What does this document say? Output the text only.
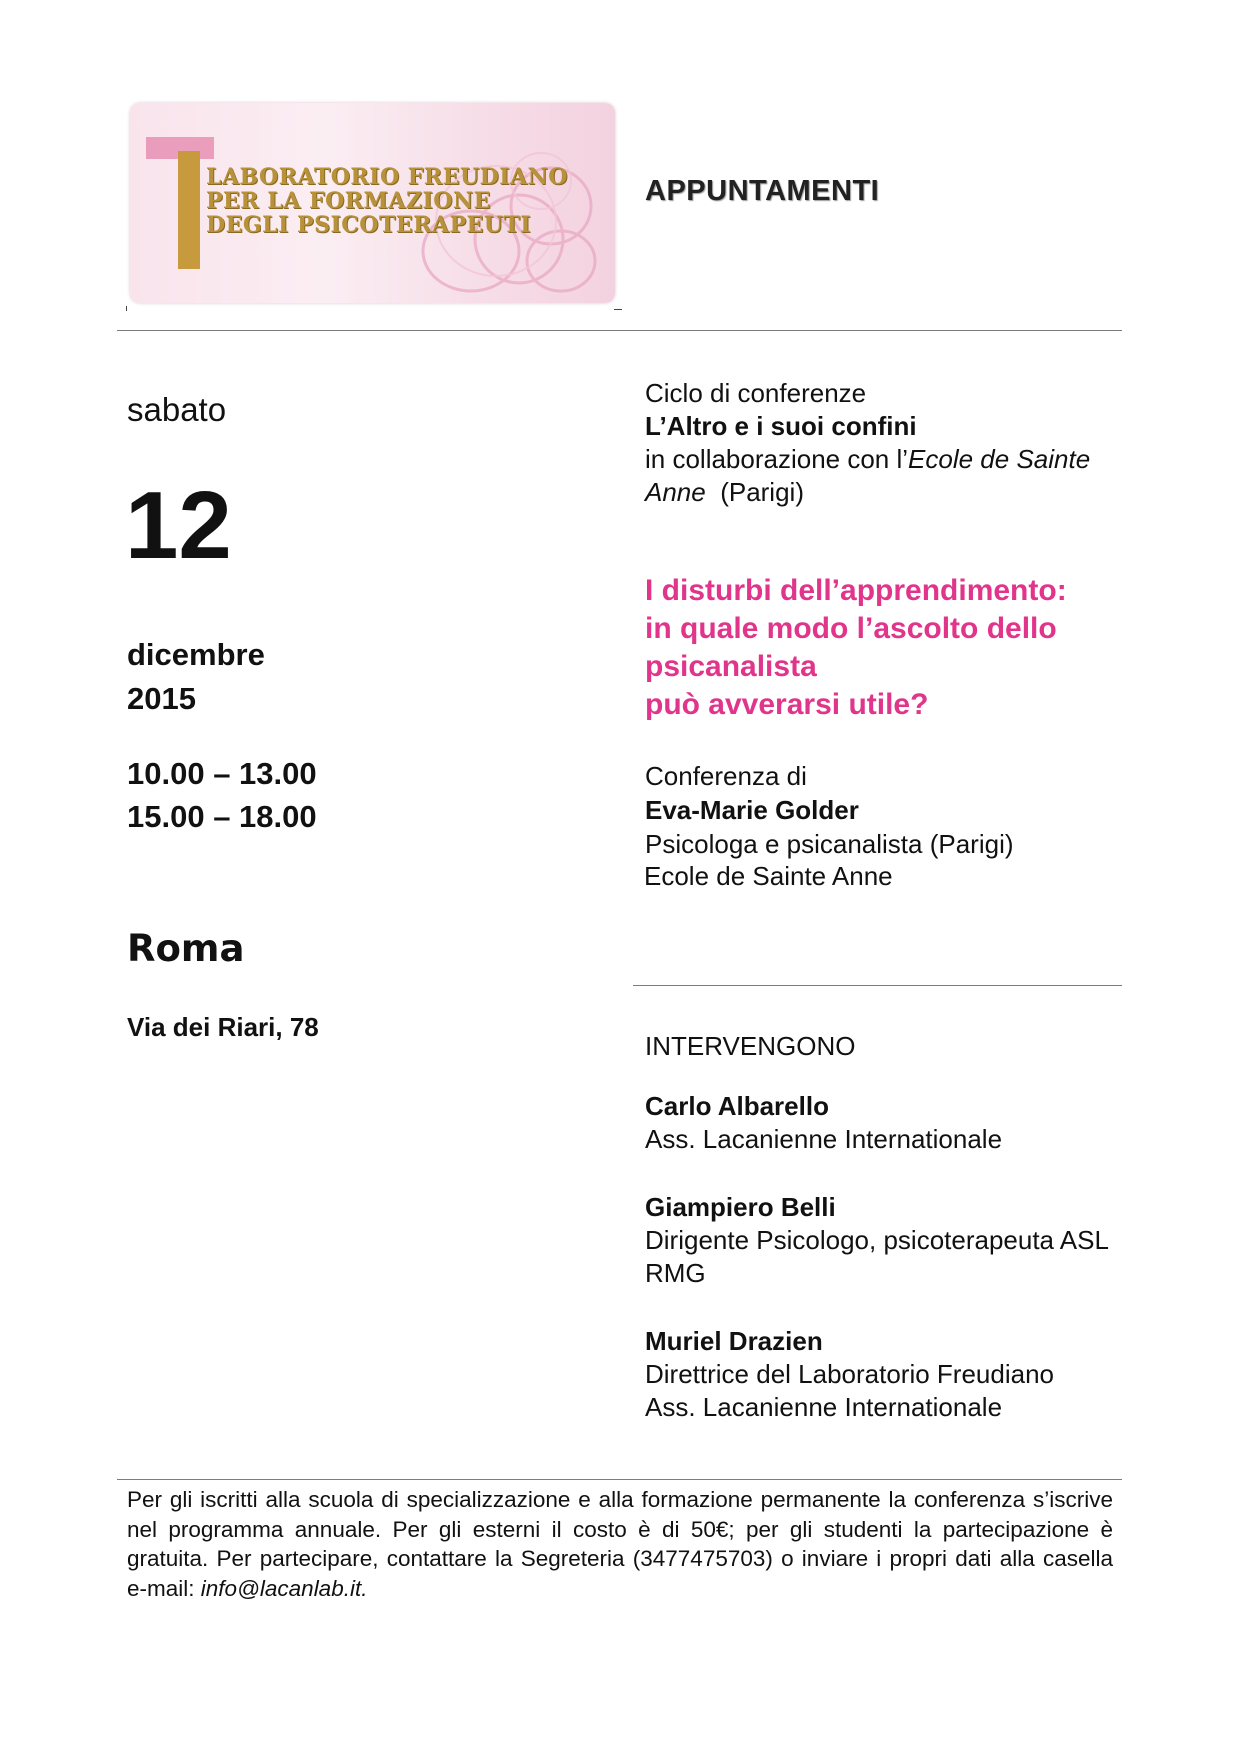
LABORATORIO FREUDIANO
PER LA FORMAZIONE
DEGLI PSICOTERAPEUTI

APPUNTAMENTI

sabato

12

dicembre

2015

10.00 – 13.00

15.00 – 18.00

Roma

Via dei Riari, 78

Ciclo di conferenze

L’Altro e i suoi confini

in collaborazione con l’Ecole de Sainte

Anne (Parigi)

I disturbi dell’apprendimento:
in quale modo l’ascolto dello
psicanalista
può avverarsi utile?

Conferenza di

Eva-Marie Golder

Psicologa e psicanalista (Parigi)

Ecole de Sainte Anne

INTERVENGONO

Carlo Albarello

Ass. Lacanienne Internationale

Giampiero Belli

Dirigente Psicologo, psicoterapeuta ASL

RMG

Muriel Drazien

Direttrice del Laboratorio Freudiano

Ass. Lacanienne Internationale

Per gli iscritti alla scuola di specializzazione e alla formazione permanente la conferenza s’iscrive nel programma annuale. Per gli esterni il costo è di 50€; per gli studenti la partecipazione è gratuita. Per partecipare, contattare la Segreteria (3477475703) o inviare i propri dati alla casella e-mail: info@lacanlab.it.
